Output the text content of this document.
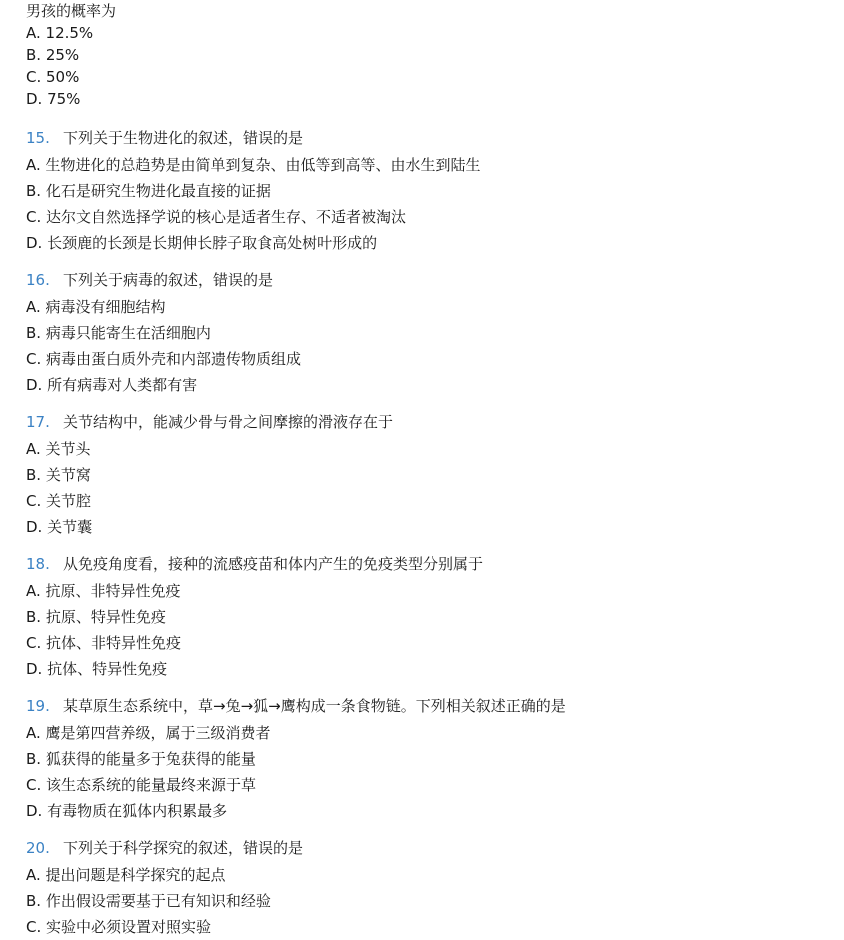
男孩的概率为
A. 12.5%
B. 25%
C. 50%
D. 75%
15. 下列关于生物进化的叙述，错误的是
A. 生物进化的总趋势是由简单到复杂、由低等到高等、由水生到陆生
B. 化石是研究生物进化最直接的证据
C. 达尔文自然选择学说的核心是适者生存、不适者被淘汰
D. 长颈鹿的长颈是长期伸长脖子取食高处树叶形成的
16. 下列关于病毒的叙述，错误的是
A. 病毒没有细胞结构
B. 病毒只能寄生在活细胞内
C. 病毒由蛋白质外壳和内部遗传物质组成
D. 所有病毒对人类都有害
17. 关节结构中，能减少骨与骨之间摩擦的滑液存在于
A. 关节头
B. 关节窝
C. 关节腔
D. 关节囊
18. 从免疫角度看，接种的流感疫苗和体内产生的免疫类型分别属于
A. 抗原、非特异性免疫
B. 抗原、特异性免疫
C. 抗体、非特异性免疫
D. 抗体、特异性免疫
19. 某草原生态系统中，草→兔→狐→鹰构成一条食物链。下列相关叙述正确的是
A. 鹰是第四营养级，属于三级消费者
B. 狐获得的能量多于兔获得的能量
C. 该生态系统的能量最终来源于草
D. 有毒物质在狐体内积累最多
20. 下列关于科学探究的叙述，错误的是
A. 提出问题是科学探究的起点
B. 作出假设需要基于已有知识和经验
C. 实验中必须设置对照实验
